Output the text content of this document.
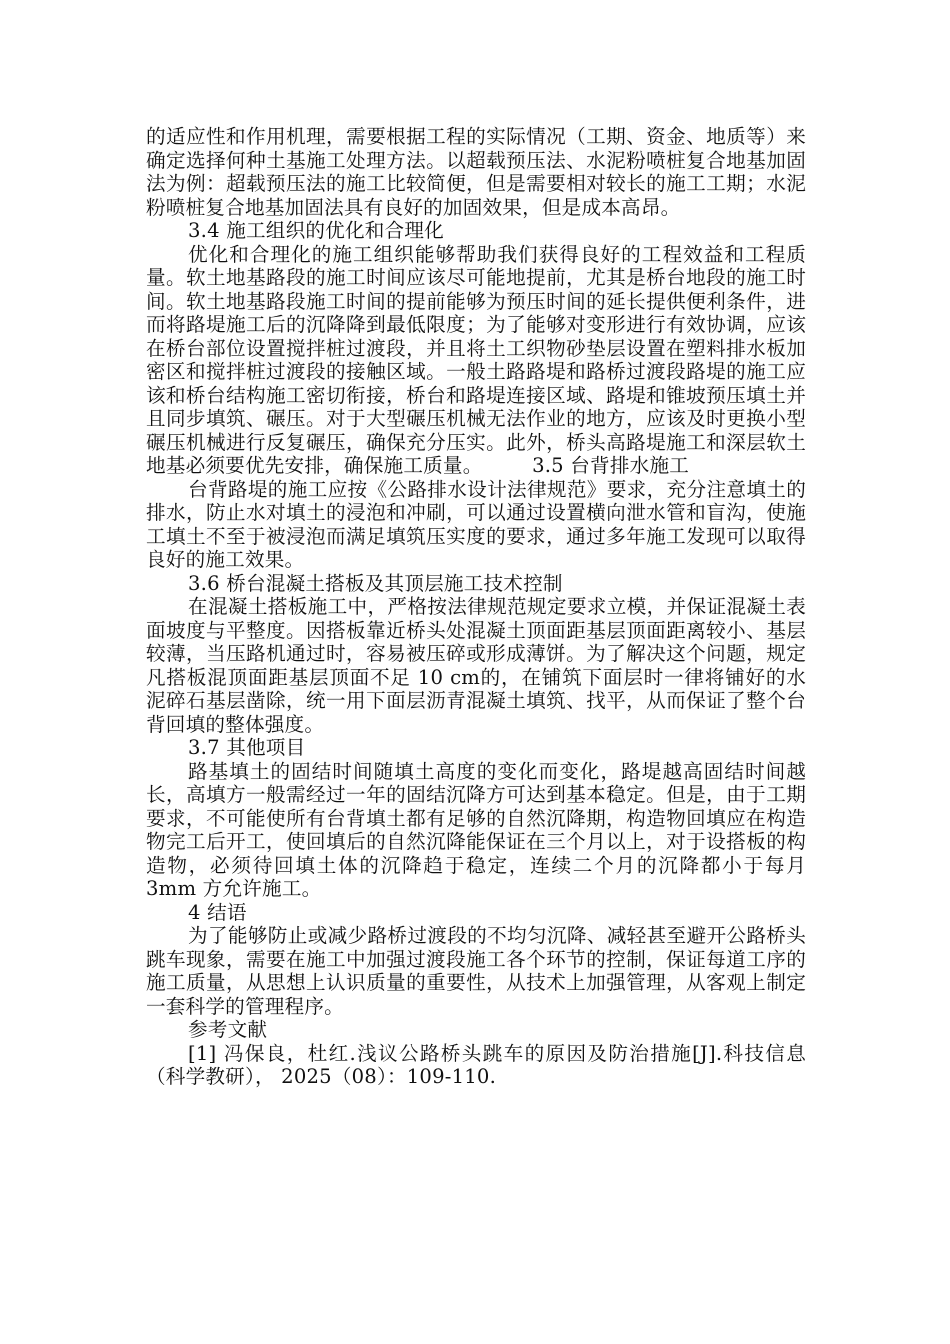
的适应性和作用机理，需要根据工程的实际情况（工期、资金、地质等）来确定选择何种土基施工处理方法。以超载预压法、水泥粉喷桩复合地基加固法为例：超载预压法的施工比较简便，但是需要相对较长的施工工期；水泥粉喷桩复合地基加固法具有良好的加固效果，但是成本高昂。

3.4 施工组织的优化和合理化

优化和合理化的施工组织能够帮助我们获得良好的工程效益和工程质量。软土地基路段的施工时间应该尽可能地提前，尤其是桥台地段的施工时间。软土地基路段施工时间的提前能够为预压时间的延长提供便利条件，进而将路堤施工后的沉降降到最低限度；为了能够对变形进行有效协调，应该在桥台部位设置搅拌桩过渡段，并且将土工织物砂垫层设置在塑料排水板加密区和搅拌桩过渡段的接触区域。一般土路路堤和路桥过渡段路堤的施工应该和桥台结构施工密切衔接，桥台和路堤连接区域、路堤和锥坡预压填土并且同步填筑、碾压。对于大型碾压机械无法作业的地方，应该及时更换小型碾压机械进行反复碾压，确保充分压实。此外，桥头高路堤施工和深层软土地基必须要优先安排，确保施工质量。　　　3.5 台背排水施工

台背路堤的施工应按《公路排水设计法律规范》要求，充分注意填土的排水，防止水对填土的浸泡和冲刷，可以通过设置横向泄水管和盲沟，使施工填土不至于被浸泡而满足填筑压实度的要求，通过多年施工发现可以取得良好的施工效果。

3.6 桥台混凝土搭板及其顶层施工技术控制

在混凝土搭板施工中，严格按法律规范规定要求立模，并保证混凝土表面坡度与平整度。因搭板靠近桥头处混凝土顶面距基层顶面距离较小、基层较薄，当压路机通过时，容易被压碎或形成薄饼。为了解决这个问题，规定凡搭板混顶面距基层顶面不足 10 cm的，在铺筑下面层时一律将铺好的水泥碎石基层凿除，统一用下面层沥青混凝土填筑、找平，从而保证了整个台背回填的整体强度。

3.7 其他项目

路基填土的固结时间随填土高度的变化而变化，路堤越高固结时间越长，高填方一般需经过一年的固结沉降方可达到基本稳定。但是，由于工期要求，不可能使所有台背填土都有足够的自然沉降期，构造物回填应在构造物完工后开工，使回填后的自然沉降能保证在三个月以上，对于设搭板的构造物，必须待回填土体的沉降趋于稳定，连续二个月的沉降都小于每月 3mm 方允许施工。

4 结语

为了能够防止或减少路桥过渡段的不均匀沉降、减轻甚至避开公路桥头跳车现象，需要在施工中加强过渡段施工各个环节的控制，保证每道工序的施工质量，从思想上认识质量的重要性，从技术上加强管理，从客观上制定一套科学的管理程序。

参考文献

[1] 冯保良，杜红.浅议公路桥头跳车的原因及防治措施[J].科技信息（科学教研）， 2025（08）：109-110.
